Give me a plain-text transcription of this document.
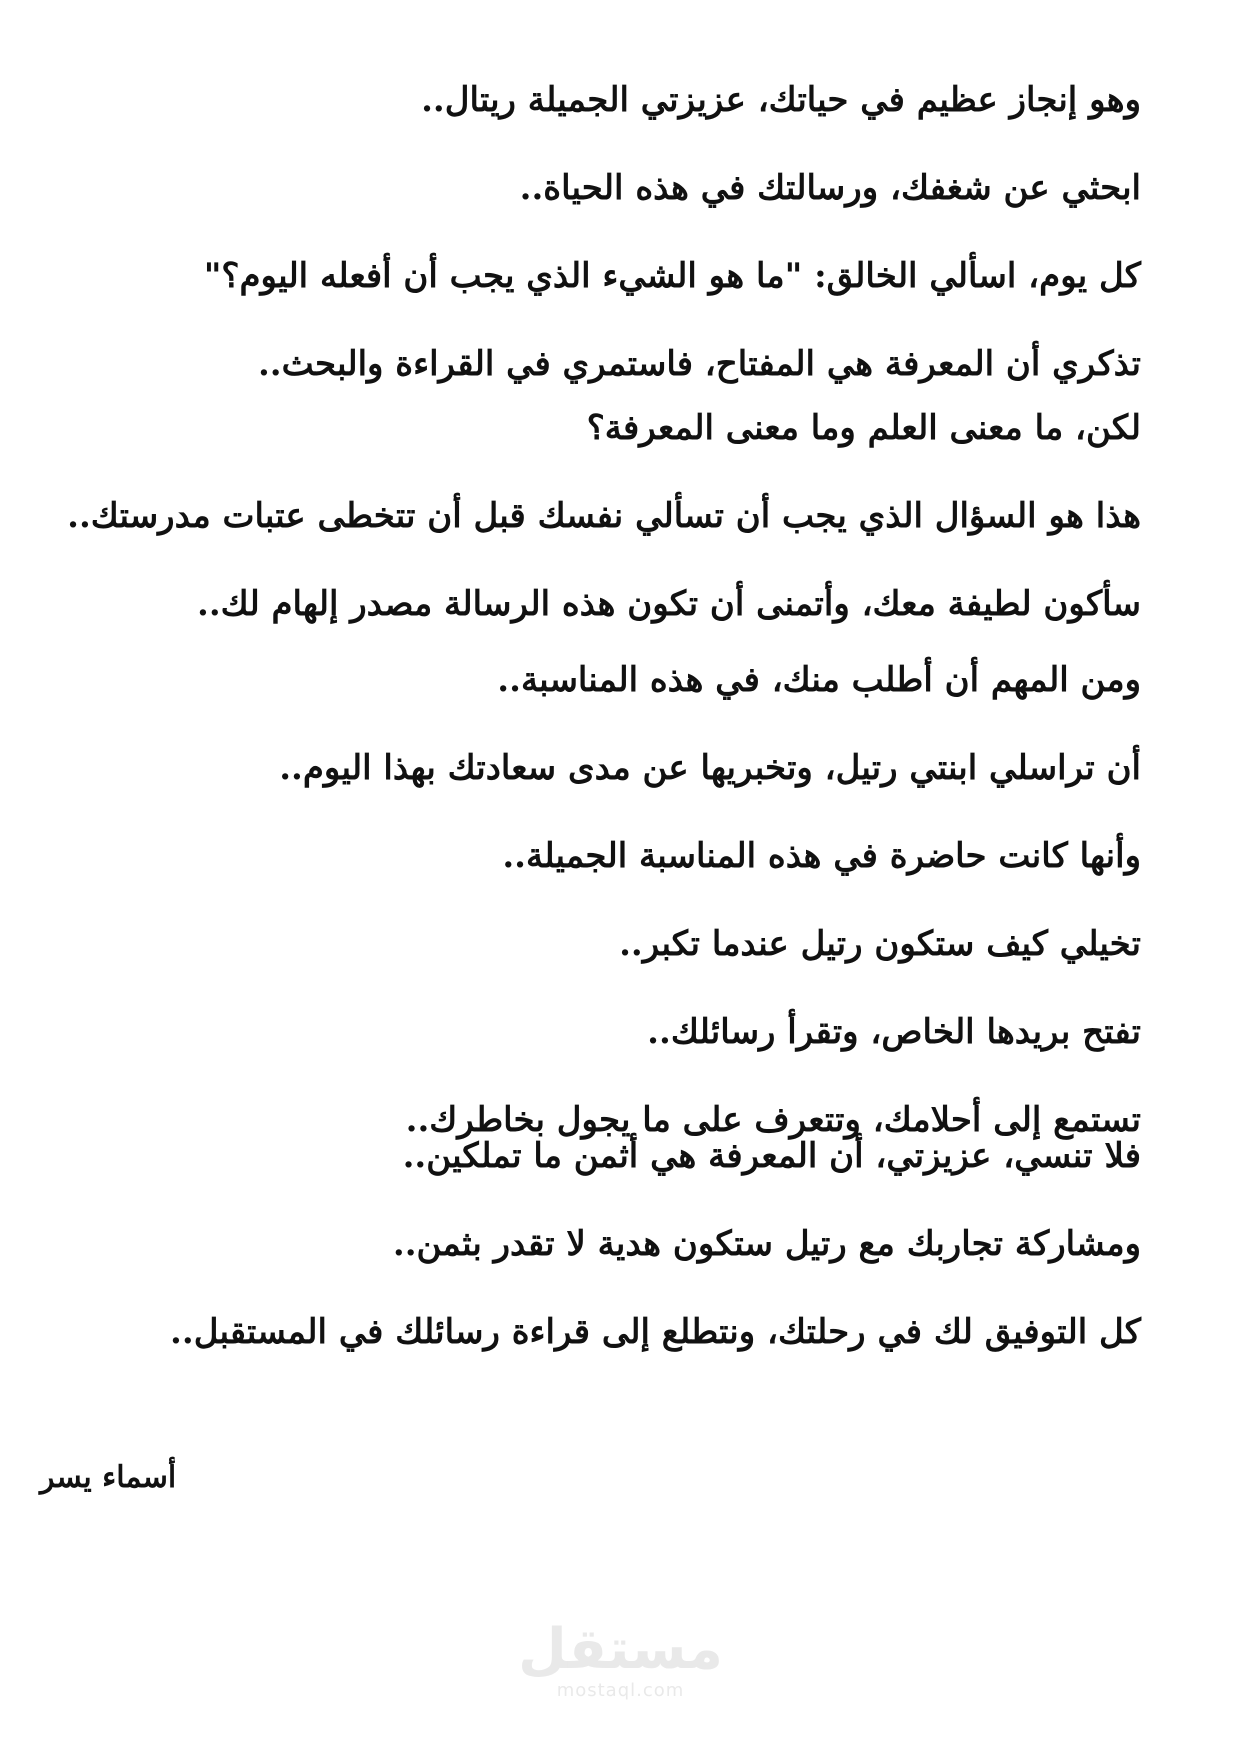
وهو إنجاز عظيم في حياتك، عزيزتي الجميلة ريتال..
ابحثي عن شغفك، ورسالتك في هذه الحياة..
كل يوم، اسألي الخالق: "ما هو الشيء الذي يجب أن أفعله اليوم؟"
تذكري أن المعرفة هي المفتاح، فاستمري في القراءة والبحث..
لكن، ما معنى العلم وما معنى المعرفة؟
هذا هو السؤال الذي يجب أن تسألي نفسك قبل أن تتخطى عتبات مدرستك..
سأكون لطيفة معك، وأتمنى أن تكون هذه الرسالة مصدر إلهام لك..
ومن المهم أن أطلب منك، في هذه المناسبة..
أن تراسلي ابنتي رتيل، وتخبريها عن مدى سعادتك بهذا اليوم..
وأنها كانت حاضرة في هذه المناسبة الجميلة..
تخيلي كيف ستكون رتيل عندما تكبر..
تفتح بريدها الخاص، وتقرأ رسائلك..
تستمع إلى أحلامك، وتتعرف على ما يجول بخاطرك..
فلا تنسي، عزيزتي، أن المعرفة هي أثمن ما تملكين..
ومشاركة تجاربك مع رتيل ستكون هدية لا تقدر بثمن..
كل التوفيق لك في رحلتك، ونتطلع إلى قراءة رسائلك في المستقبل..
أسماء يسر
مستقل
mostaql.com
